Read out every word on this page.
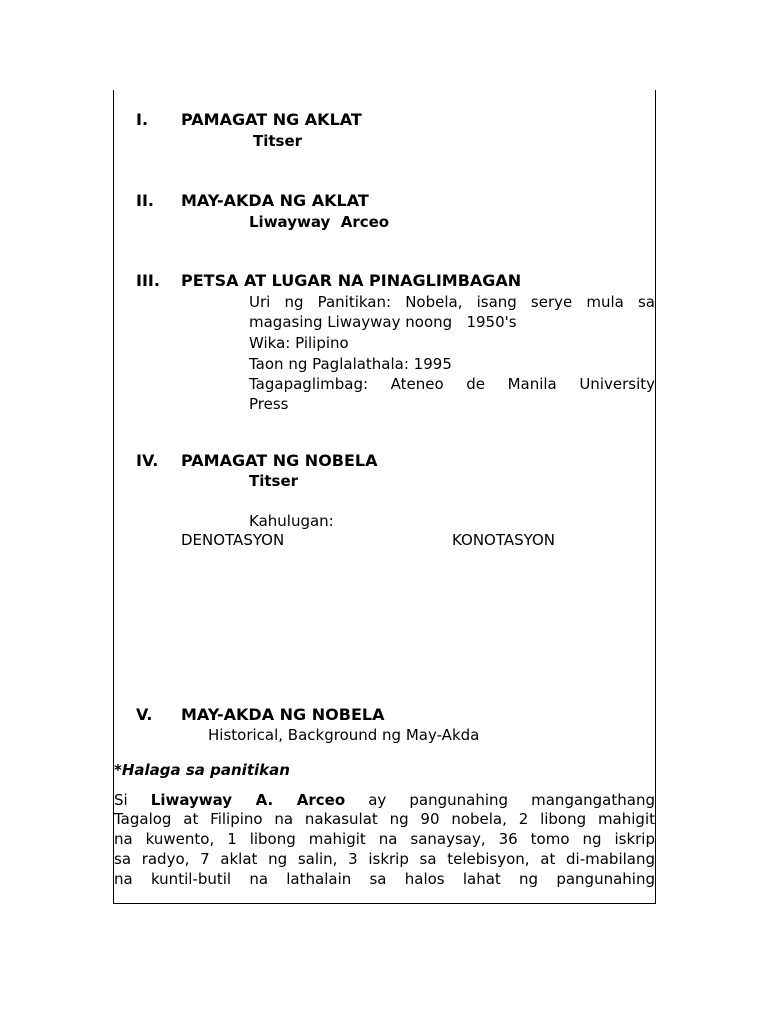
I. PAMAGAT NG AKLAT
Titser
II. MAY-AKDA NG AKLAT
Liwayway  Arceo
III. PETSA AT LUGAR NA PINAGLIMBAGAN
Uri ng Panitikan: Nobela, isang serye mula sa
magasing Liwayway noong   1950's
Wika: Pilipino
Taon ng Paglalathala: 1995
Tagapaglimbag: Ateneo de Manila University
Press
IV. PAMAGAT NG NOBELA
Titser
Kahulugan:
DENOTASYON	KONOTASYON
V. MAY-AKDA NG NOBELA
Historical, Background ng May-Akda
*Halaga sa panitikan
Si Liwayway A. Arceo ay pangunahing mangangathang
Tagalog at Filipino na nakasulat ng 90 nobela, 2 libong mahigit
na kuwento, 1 libong mahigit na sanaysay, 36 tomo ng iskrip
sa radyo, 7 aklat ng salin, 3 iskrip sa telebisyon, at di-mabilang
na kuntil-butil na lathalain sa halos lahat ng pangunahing
